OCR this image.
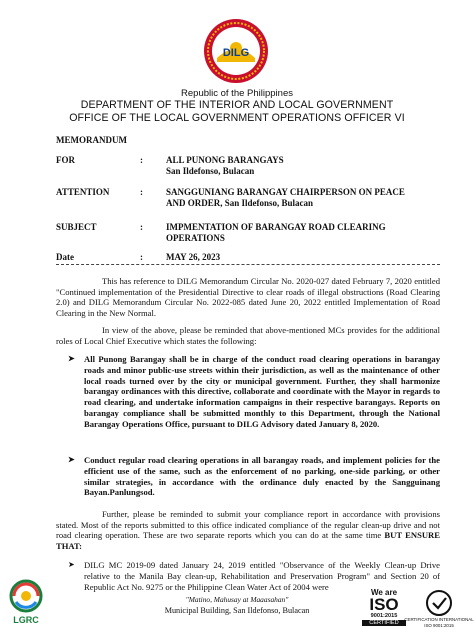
DILG
Republic of the Philippines
DEPARTMENT OF THE INTERIOR AND LOCAL GOVERNMENT
OFFICE OF THE LOCAL GOVERNMENT OPERATIONS OFFICER VI
MEMORANDUM
FOR	:	ALL PUNONG BARANGAYS
San Ildefonso, Bulacan
ATTENTION	:	SANGGUNIANG BARANGAY CHAIRPERSON ON PEACE
AND ORDER, San Ildefonso, Bulacan
SUBJECT	:	IMPMENTATION OF BARANGAY ROAD CLEARING
OPERATIONS
Date	:	MAY 26, 2023
This has reference to DILG Memorandum Circular No. 2020-027 dated February 7, 2020 entitled "Continued implementation of the Presidential Directive to clear roads of illegal obstructions (Road Clearing 2.0) and DILG Memorandum Circular No. 2022-085 dated June 20, 2022 entitled Implementation of Road Clearing in the New Normal.
In view of the above, please be reminded that above-mentioned MCs provides for the additional roles of Local Chief Executive which states the following:
➤ All Punong Barangay shall be in charge of the conduct road clearing operations in barangay roads and minor public-use streets within their jurisdiction, as well as the maintenance of other local roads turned over by the city or municipal government. Further, they shall harmonize barangay ordinances with this directive, collaborate and coordinate with the Mayor in regards to road clearing, and undertake information campaigns in their respective barangays. Reports on barangay compliance shall be submitted monthly to this Department, through the National Barangay Operations Office, pursuant to DILG Advisory dated January 8, 2020.
➤ Conduct regular road clearing operations in all barangay roads, and implement policies for the efficient use of the same, such as the enforcement of no parking, one-side parking, or other similar strategies, in accordance with the ordinance duly enacted by the Sangguinang Bayan.Panlungsod.
Further, please be reminded to submit your compliance report in accordance with provisions stated. Most of the reports submitted to this office indicated compliance of the regular clean-up drive and not road clearing operation. These are two separate reports which you can do at the same time BUT ENSURE THAT:
➤ DILG MC 2019-09 dated January 24, 2019 entitled "Observance of the Weekly Clean-up Drive relative to the Manila Bay clean-up, Rehabilitation and Preservation Program" and Section 20 of Republic Act No. 9275 or the Philippine Clean Water Act of 2004 were
"Matino, Mahusay at Maaasahan"
Municipal Building, San Ildefonso, Bulacan
LGRC
We are
ISO
9001:2015
CERTIFIED
CERTIFICATION INTERNATIONAL
ISO 9001:2015
